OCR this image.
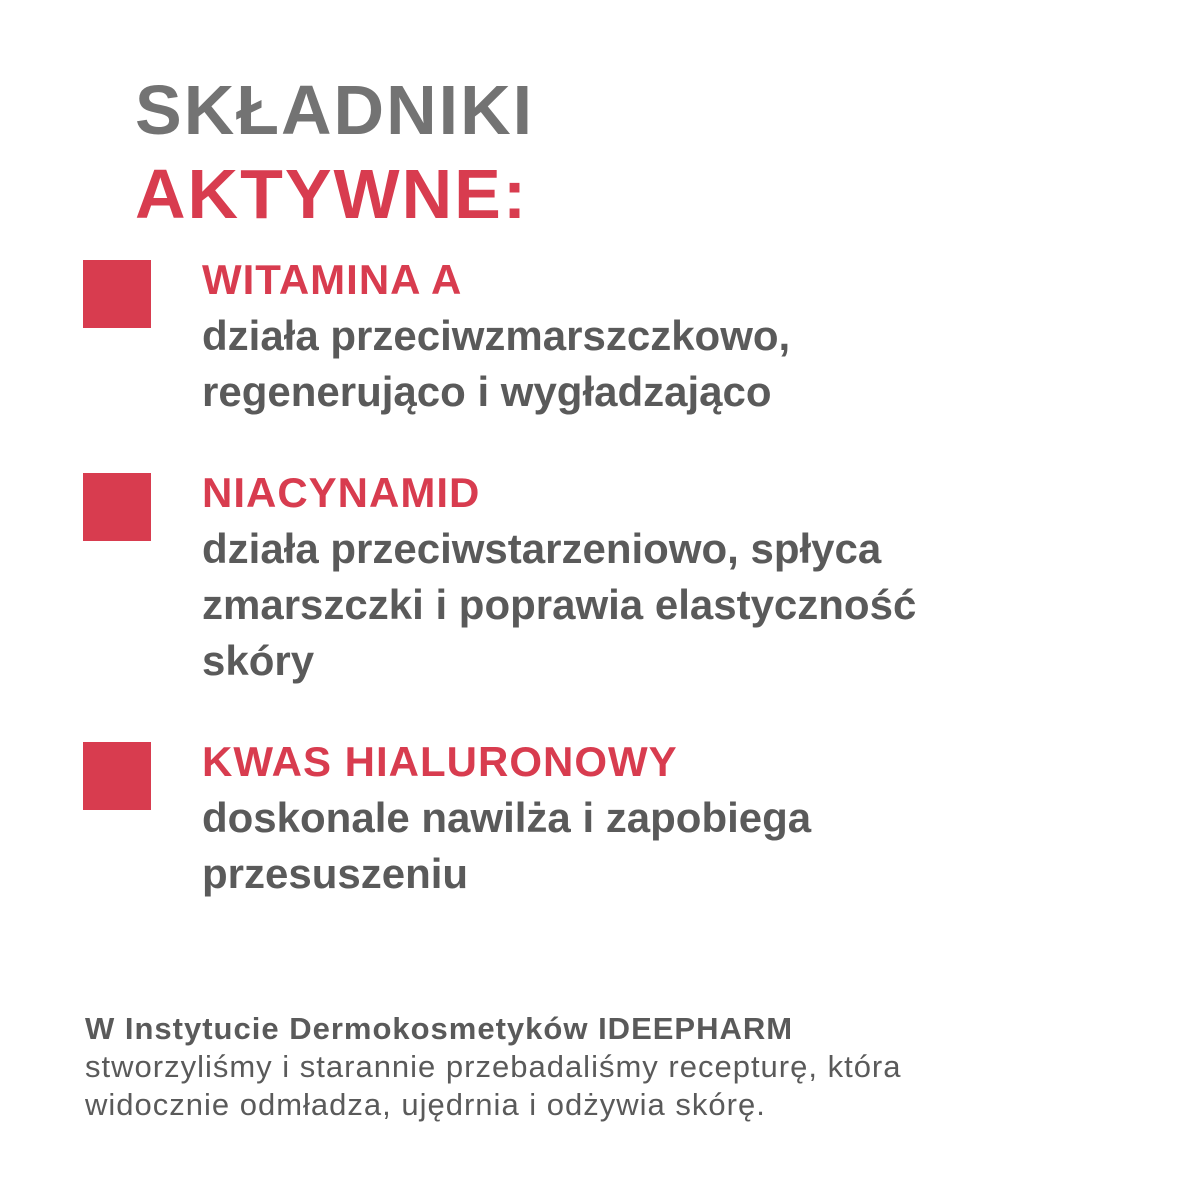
SKŁADNIKI
AKTYWNE:
WITAMINA A
działa przeciwzmarszczkowo,
regenerująco i wygładzająco
NIACYNAMID
działa przeciwstarzeniowo, spłyca
zmarszczki i poprawia elastyczność
skóry
KWAS HIALURONOWY
doskonale nawilża i zapobiega
przesuszeniu
W Instytucie Dermokosmetyków IDEEPHARM
stworzyliśmy i starannie przebadaliśmy recepturę, która
widocznie odmładza, ujędrnia i odżywia skórę.
